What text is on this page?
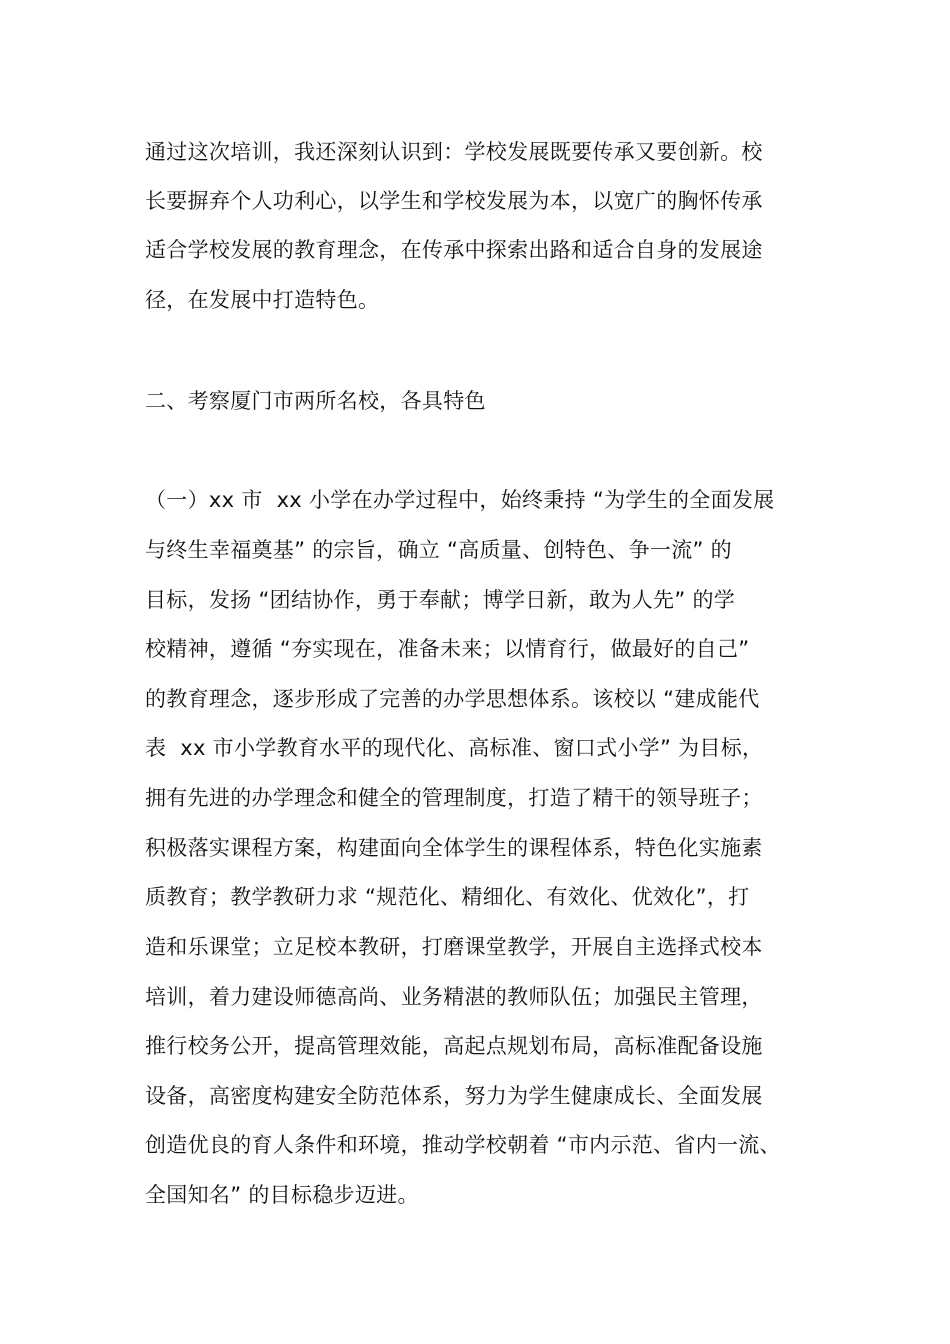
通过这次培训，我还深刻认识到：学校发展既要传承又要创新。校

长要摒弃个人功利心，以学生和学校发展为本，以宽广的胸怀传承

适合学校发展的教育理念，在传承中探索出路和适合自身的发展途

径，在发展中打造特色。

二、考察厦门市两所名校，各具特色

（一）xx 市  xx 小学在办学过程中，始终秉持 “为学生的全面发展

与终生幸福奠基” 的宗旨，确立 “高质量、创特色、争一流” 的

目标，发扬 “团结协作，勇于奉献；博学日新，敢为人先” 的学

校精神，遵循 “夯实现在，准备未来；以情育行，做最好的自己”

的教育理念，逐步形成了完善的办学思想体系。该校以 “建成能代

表  xx 市小学教育水平的现代化、高标准、窗口式小学” 为目标，

拥有先进的办学理念和健全的管理制度，打造了精干的领导班子；

积极落实课程方案，构建面向全体学生的课程体系，特色化实施素

质教育；教学教研力求 “规范化、精细化、有效化、优效化”，打

造和乐课堂；立足校本教研，打磨课堂教学，开展自主选择式校本

培训，着力建设师德高尚、业务精湛的教师队伍；加强民主管理，

推行校务公开，提高管理效能，高起点规划布局，高标准配备设施

设备，高密度构建安全防范体系，努力为学生健康成长、全面发展

创造优良的育人条件和环境，推动学校朝着 “市内示范、省内一流、

全国知名” 的目标稳步迈进。
